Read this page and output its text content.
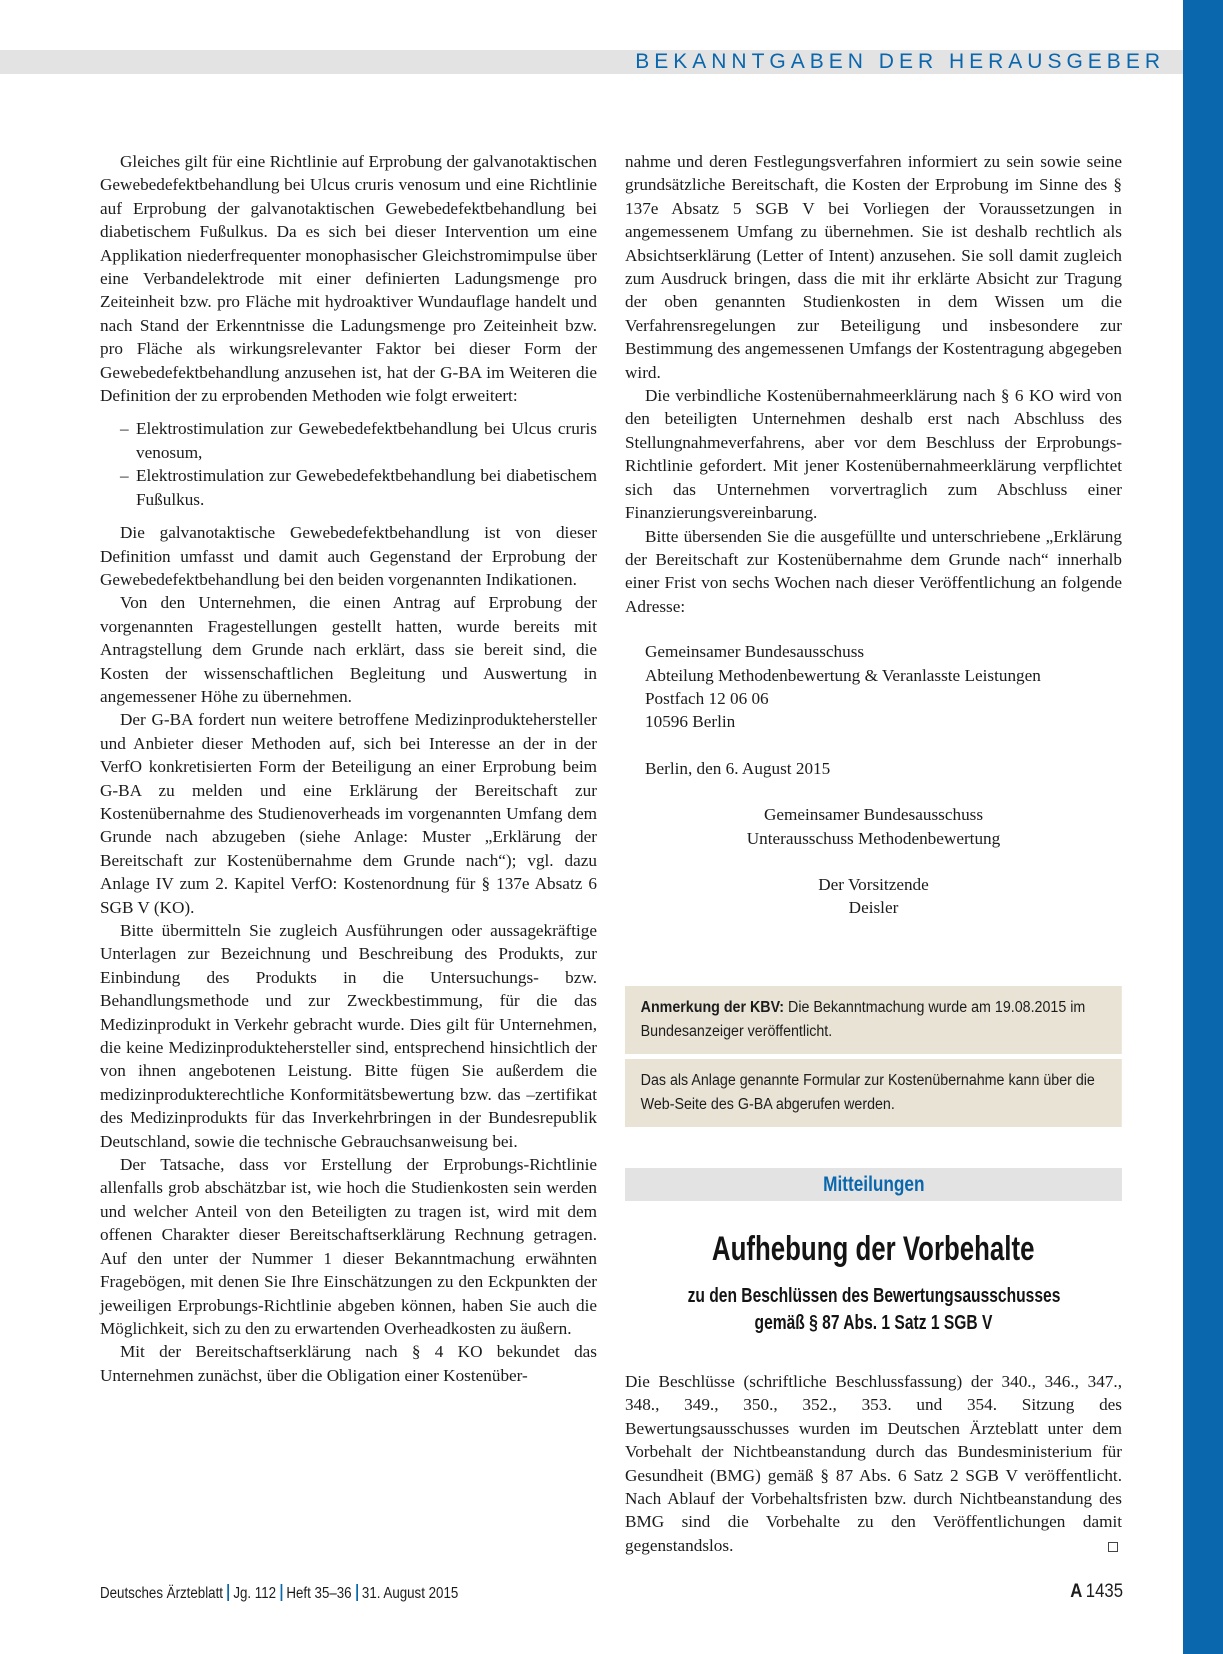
BEKANNTGABEN DER HERAUSGEBER

Gleiches gilt für eine Richtlinie auf Erprobung der galvanotaktischen Gewebedefektbehandlung bei Ulcus cruris venosum und eine Richtlinie auf Erprobung der galvanotaktischen Gewebedefektbehandlung bei diabetischem Fußulkus. Da es sich bei dieser Intervention um eine Applikation niederfrequenter monophasischer Gleichstromimpulse über eine Verbandelektrode mit einer definierten Ladungsmenge pro Zeiteinheit bzw. pro Fläche mit hydroaktiver Wundauflage handelt und nach Stand der Erkenntnisse die Ladungsmenge pro Zeiteinheit bzw. pro Fläche als wirkungsrelevanter Faktor bei dieser Form der Gewebedefektbehandlung anzusehen ist, hat der G-BA im Weiteren die Definition der zu erprobenden Methoden wie folgt erweitert:

– Elektrostimulation zur Gewebedefektbehandlung bei Ulcus cruris venosum,
– Elektrostimulation zur Gewebedefektbehandlung bei diabetischem Fußulkus.

Die galvanotaktische Gewebedefektbehandlung ist von dieser Definition umfasst und damit auch Gegenstand der Erprobung der Gewebedefektbehandlung bei den beiden vorgenannten Indikationen.

Von den Unternehmen, die einen Antrag auf Erprobung der vorgenannten Fragestellungen gestellt hatten, wurde bereits mit Antragstellung dem Grunde nach erklärt, dass sie bereit sind, die Kosten der wissenschaftlichen Begleitung und Auswertung in angemessener Höhe zu übernehmen.

Der G-BA fordert nun weitere betroffene Medizinproduktehersteller und Anbieter dieser Methoden auf, sich bei Interesse an der in der VerfO konkretisierten Form der Beteiligung an einer Erprobung beim G-BA zu melden und eine Erklärung der Bereitschaft zur Kostenübernahme des Studienoverheads im vorgenannten Umfang dem Grunde nach abzugeben (siehe Anlage: Muster „Erklärung der Bereitschaft zur Kostenübernahme dem Grunde nach“); vgl. dazu Anlage IV zum 2. Kapitel VerfO: Kostenordnung für § 137e Absatz 6 SGB V (KO).

Bitte übermitteln Sie zugleich Ausführungen oder aussagekräftige Unterlagen zur Bezeichnung und Beschreibung des Produkts, zur Einbindung des Produkts in die Untersuchungs- bzw. Behandlungsmethode und zur Zweckbestimmung, für die das Medizinprodukt in Verkehr gebracht wurde. Dies gilt für Unternehmen, die keine Medizinproduktehersteller sind, entsprechend hinsichtlich der von ihnen angebotenen Leistung. Bitte fügen Sie außerdem die medizinprodukterechtliche Konformitätsbewertung bzw. das –zertifikat des Medizinprodukts für das Inverkehrbringen in der Bundesrepublik Deutschland, sowie die technische Gebrauchsanweisung bei.

Der Tatsache, dass vor Erstellung der Erprobungs-Richtlinie allenfalls grob abschätzbar ist, wie hoch die Studienkosten sein werden und welcher Anteil von den Beteiligten zu tragen ist, wird mit dem offenen Charakter dieser Bereitschaftserklärung Rechnung getragen. Auf den unter der Nummer 1 dieser Bekanntmachung erwähnten Fragebögen, mit denen Sie Ihre Einschätzungen zu den Eckpunkten der jeweiligen Erprobungs-Richtlinie abgeben können, haben Sie auch die Möglichkeit, sich zu den zu erwartenden Overheadkosten zu äußern.

Mit der Bereitschaftserklärung nach § 4 KO bekundet das Unternehmen zunächst, über die Obligation einer Kostenüber-

nahme und deren Festlegungsverfahren informiert zu sein sowie seine grundsätzliche Bereitschaft, die Kosten der Erprobung im Sinne des § 137e Absatz 5 SGB V bei Vorliegen der Voraussetzungen in angemessenem Umfang zu übernehmen. Sie ist deshalb rechtlich als Absichtserklärung (Letter of Intent) anzusehen. Sie soll damit zugleich zum Ausdruck bringen, dass die mit ihr erklärte Absicht zur Tragung der oben genannten Studienkosten in dem Wissen um die Verfahrensregelungen zur Beteiligung und insbesondere zur Bestimmung des angemessenen Umfangs der Kostentragung abgegeben wird.

Die verbindliche Kostenübernahmeerklärung nach § 6 KO wird von den beteiligten Unternehmen deshalb erst nach Abschluss des Stellungnahmeverfahrens, aber vor dem Beschluss der Erprobungs-Richtlinie gefordert. Mit jener Kostenübernahmeerklärung verpflichtet sich das Unternehmen vorvertraglich zum Abschluss einer Finanzierungsvereinbarung.

Bitte übersenden Sie die ausgefüllte und unterschriebene „Erklärung der Bereitschaft zur Kostenübernahme dem Grunde nach“ innerhalb einer Frist von sechs Wochen nach dieser Veröffentlichung an folgende Adresse:

Gemeinsamer Bundesausschuss
Abteilung Methodenbewertung & Veranlasste Leistungen
Postfach 12 06 06
10596 Berlin
Berlin, den 6. August 2015
Gemeinsamer Bundesausschuss
Unterausschuss Methodenbewertung
Der Vorsitzende
Deisler
Anmerkung der KBV: Die Bekanntmachung wurde am 19.08.2015 im Bundesanzeiger veröffentlicht.
Das als Anlage genannte Formular zur Kostenübernahme kann über die Web-Seite des G-BA abgerufen werden.
Mitteilungen
Aufhebung der Vorbehalte
zu den Beschlüssen des Bewertungsausschusses
gemäß § 87 Abs. 1 Satz 1 SGB V
Die Beschlüsse (schriftliche Beschlussfassung) der 340., 346., 347., 348., 349., 350., 352., 353. und 354. Sitzung des Bewertungsausschusses wurden im Deutschen Ärzteblatt unter dem Vorbehalt der Nichtbeanstandung durch das Bundesministerium für Gesundheit (BMG) gemäß § 87 Abs. 6 Satz 2 SGB V veröffentlicht. Nach Ablauf der Vorbehaltsfristen bzw. durch Nichtbeanstandung des BMG sind die Vorbehalte zu den Veröffentlichungen damit gegenstandslos.
Deutsches Ärzteblatt Jg. 112 Heft 35–36 31. August 2015	A 1435
